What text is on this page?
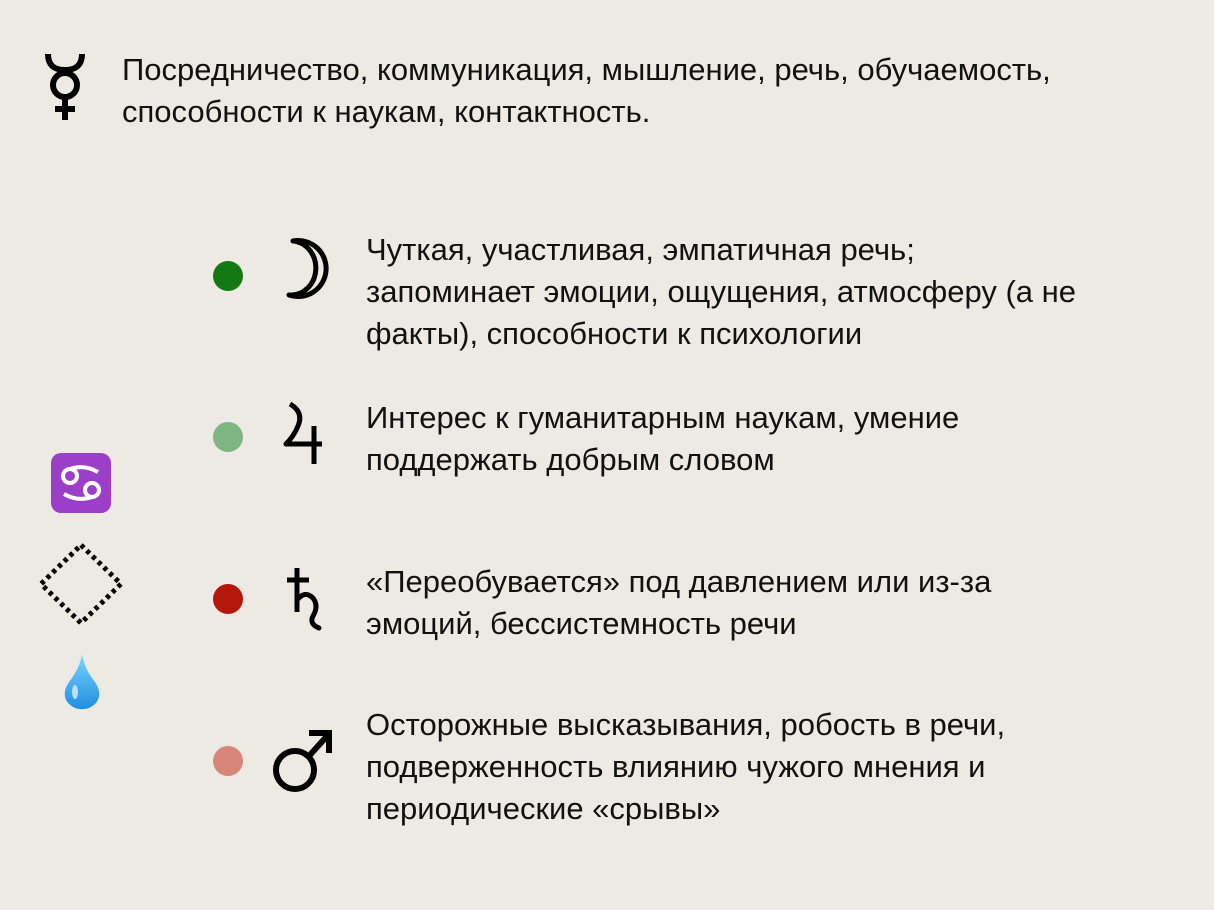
Посредничество, коммуникация, мышление, речь, обучаемость,
способности к наукам, контактность.
Чуткая, участливая, эмпатичная речь;
запоминает эмоции, ощущения, атмосферу (а не
факты), способности к психологии
Интерес к гуманитарным наукам, умение
поддержать добрым словом
«Переобувается» под давлением или из-за
эмоций, бессистемность речи
Осторожные высказывания, робость в речи,
подверженность влиянию чужого мнения и
периодические «срывы»
